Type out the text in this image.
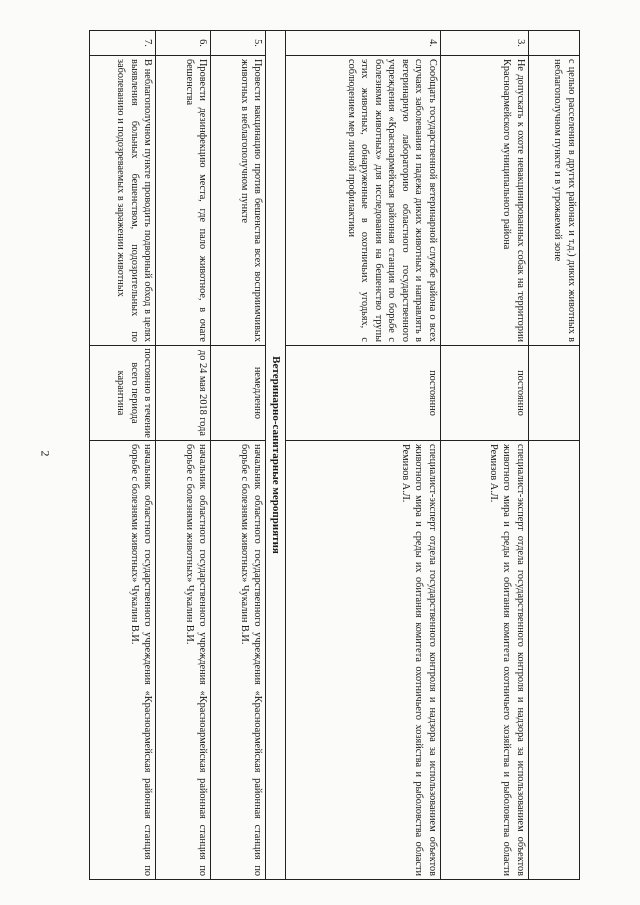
2
	с целью расселения в других районах и т.д.) диких животных в неблагополучном пункте и в угрожаемой зоне		
3.	Не допускать к охоте невакцинированных собак на территории Красноармейского муниципального района	постоянно	специалист-эксперт отдела государственного контроля и надзора за использованием объектов животного мира и среды их обитания комитета охотничьего хозяйства и рыболовства области Ремизов А.Л.
4.	Сообщать государственной ветеринарной службе района о всех случаях заболевания и падежа диких животных и направлять в ветеринарную лабораторию областного государственного учреждения «Красноармейская районная станция по борьбе с болезнями животных» для исследования на бешенство трупы этих животных, обнаруженные в охотничьих угодьях, с соблюдением мер личной профилактики	постоянно	специалист-эксперт отдела государственного контроля и надзора за использованием объектов животного мира и среды их обитания комитета охотничьего хозяйства и рыболовства области Ремизов А.Л.
Ветеринарно-санитарные мероприятия			
5.	Провести вакцинацию против бешенства всех восприимчивых животных в неблагополучном пункте	немедленно	начальник областного государственного учреждения «Красноармейская районная станция по борьбе с болезнями животных» Чукалин В.И.
6.	Провести дезинфекцию места, где пало животное, в очаге бешенства	до 24 мая 2018 года	начальник областного государственного учреждения «Красноармейская районная станция по борьбе с болезнями животных» Чукалин В.И.
7.	В неблагополучном пункте проводить подворный обход в целях выявления больных бешенством, подозрительных по заболеванию и подозреваемых в заражении животных	постоянно в течение всего периода карантина	начальник областного государственного учреждения «Красноармейская районная станция по борьбе с болезнями животных» Чукалин В.И.
